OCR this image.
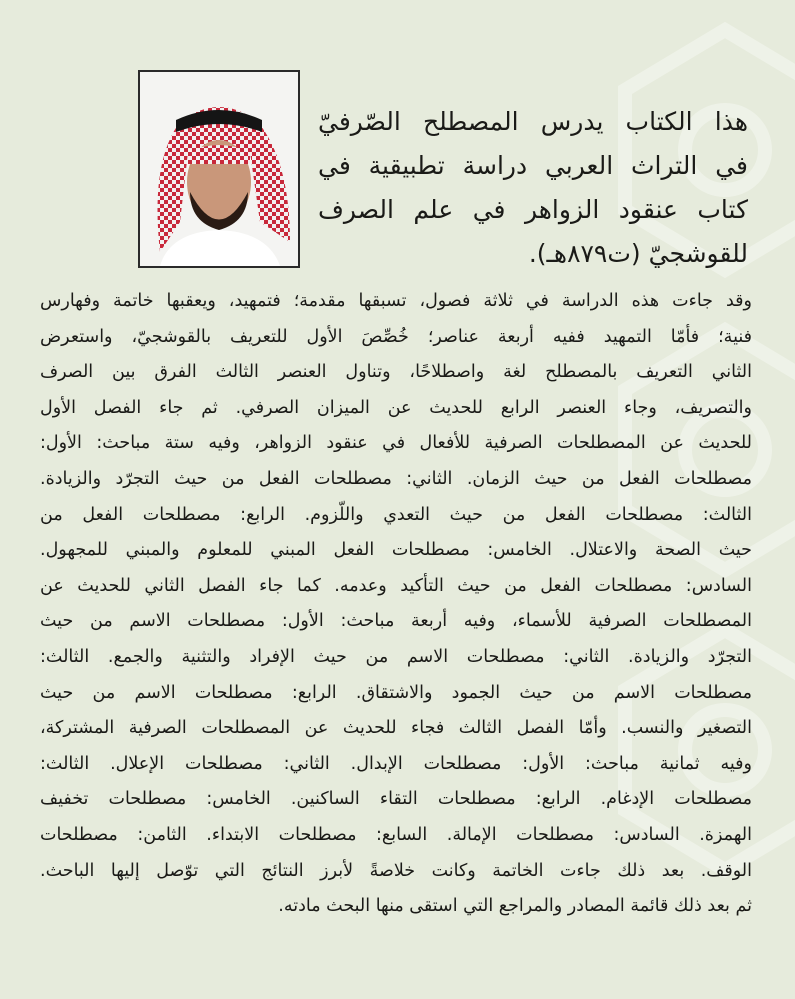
هذا الكتاب يدرس المصطلح الصّرفيّ
في التراث العربي دراسة تطبيقية في
كتاب عنقود الزواهر في علم الصرف
للقوشجيّ (ت٨٧٩هـ).
وقد جاءت هذه الدراسة في ثلاثة فصول، تسبقها مقدمة؛ فتمهيد، ويعقبها خاتمة وفهارس
فنية؛ فأمّا التمهيد ففيه أربعة عناصر؛ خُصِّصَ الأول للتعريف بالقوشجيّ، واستعرض
الثاني التعريف بالمصطلح لغة واصطلاحًا، وتناول العنصر الثالث الفرق بين الصرف
والتصريف، وجاء العنصر الرابع للحديث عن الميزان الصرفي. ثم جاء الفصل الأول
للحديث عن المصطلحات الصرفية للأفعال في عنقود الزواهر، وفيه ستة مباحث: الأول:
مصطلحات الفعل من حيث الزمان. الثاني: مصطلحات الفعل من حيث التجرّد والزيادة.
الثالث: مصطلحات الفعل من حيث التعدي واللّزوم. الرابع: مصطلحات الفعل من
حيث الصحة والاعتلال. الخامس: مصطلحات الفعل المبني للمعلوم والمبني للمجهول.
السادس: مصطلحات الفعل من حيث التأكيد وعدمه. كما جاء الفصل الثاني للحديث عن
المصطلحات الصرفية للأسماء، وفيه أربعة مباحث: الأول: مصطلحات الاسم من حيث
التجرّد والزيادة. الثاني: مصطلحات الاسم من حيث الإفراد والتثنية والجمع. الثالث:
مصطلحات الاسم من حيث الجمود والاشتقاق. الرابع: مصطلحات الاسم من حيث
التصغير والنسب. وأمّا الفصل الثالث فجاء للحديث عن المصطلحات الصرفية المشتركة،
وفيه ثمانية مباحث: الأول: مصطلحات الإبدال. الثاني: مصطلحات الإعلال. الثالث:
مصطلحات الإدغام. الرابع: مصطلحات التقاء الساكنين. الخامس: مصطلحات تخفيف
الهمزة. السادس: مصطلحات الإمالة. السابع: مصطلحات الابتداء. الثامن: مصطلحات
الوقف. بعد ذلك جاءت الخاتمة وكانت خلاصةً لأبرز النتائج التي توّصل إليها الباحث.
ثم بعد ذلك قائمة المصادر والمراجع التي استقى منها البحث مادته.
